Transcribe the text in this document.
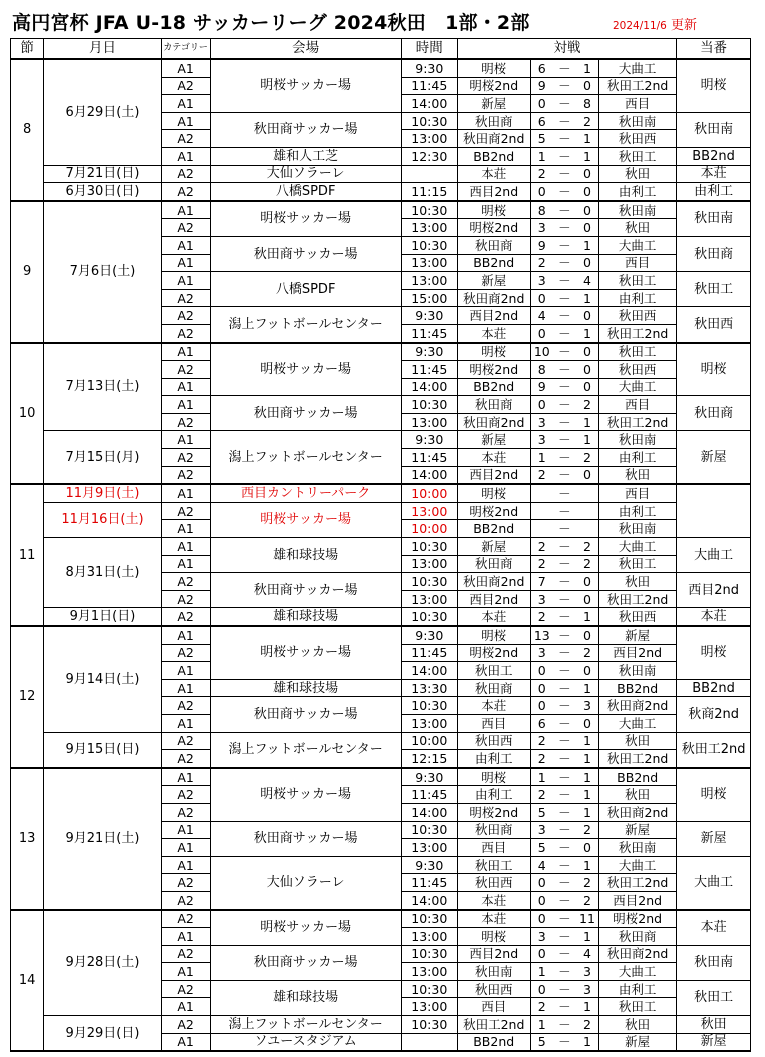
高円宮杯 JFA U-18 サッカーリーグ 2024秋田　1部・2部	2024/11/6 更新
節	月日	カテゴリー	会場	時間	対戦					当番
8	6月29日(土)	A1	明桜サッカー場	9:30	明桜	6	－	1	大曲工	明桜
		A2		11:45	明桜2nd	9	－	0	秋田工2nd	
		A1		14:00	新屋	0	－	8	西目	
		A1	秋田商サッカー場	10:30	秋田商	6	－	2	秋田南	秋田南
		A2		13:00	秋田商2nd	5	－	1	秋田西	
		A1	雄和人工芝	12:30	BB2nd	1	－	1	秋田工	BB2nd
	7月21日(日)	A2	大仙ソラーレ		本荘	2	－	0	秋田	本荘
	6月30日(日)	A2	八橋SPDF	11:15	西目2nd	0	－	0	由利工	由利工
9	7月6日(土)	A1	明桜サッカー場	10:30	明桜	8	－	0	秋田南	秋田南
		A2		13:00	明桜2nd	3	－	0	秋田	
		A1	秋田商サッカー場	10:30	秋田商	9	－	1	大曲工	秋田商
		A1		13:00	BB2nd	2	－	0	西目	
		A1	八橋SPDF	13:00	新屋	3	－	4	秋田工	秋田工
		A2		15:00	秋田商2nd	0	－	1	由利工	
		A2	潟上フットボールセンター	9:30	西目2nd	4	－	0	秋田西	秋田西
		A2		11:45	本荘	0	－	1	秋田工2nd	
10	7月13日(土)	A1	明桜サッカー場	9:30	明桜	10	－	0	秋田工	明桜
		A2		11:45	明桜2nd	8	－	0	秋田西	
		A1		14:00	BB2nd	9	－	0	大曲工	
		A1	秋田商サッカー場	10:30	秋田商	0	－	2	西目	秋田商
		A2		13:00	秋田商2nd	3	－	1	秋田工2nd	
	7月15日(月)	A1	潟上フットボールセンター	9:30	新屋	3	－	1	秋田南	新屋
		A2		11:45	本荘	1	－	2	由利工	
		A2		14:00	西目2nd	2	－	0	秋田	
11	11月9日(土)	A1	西目カントリーパーク	10:00	明桜		－		西目	
	11月16日(土)	A2	明桜サッカー場	13:00	明桜2nd		－		由利工	
		A1		10:00	BB2nd		－		秋田南	
	8月31日(土)	A1	雄和球技場	10:30	新屋	2	－	2	大曲工	大曲工
		A1		13:00	秋田商	2	－	2	秋田工	
		A2	秋田商サッカー場	10:30	秋田商2nd	7	－	0	秋田	西目2nd
		A2		13:00	西目2nd	3	－	0	秋田工2nd	
	9月1日(日)	A2	雄和球技場	10:30	本荘	2	－	1	秋田西	本荘
12	9月14日(土)	A1	明桜サッカー場	9:30	明桜	13	－	0	新屋	明桜
		A2		11:45	明桜2nd	3	－	2	西目2nd	
		A1		14:00	秋田工	0	－	0	秋田南	
		A1	雄和球技場	13:30	秋田商	0	－	1	BB2nd	BB2nd
		A2	秋田商サッカー場	10:30	本荘	0	－	3	秋田商2nd	秋商2nd
		A1		13:00	西目	6	－	0	大曲工	
	9月15日(日)	A2	潟上フットボールセンター	10:00	秋田西	2	－	1	秋田	秋田工2nd
		A2		12:15	由利工	2	－	1	秋田工2nd	
13	9月21日(土)	A1	明桜サッカー場	9:30	明桜	1	－	1	BB2nd	明桜
		A2		11:45	由利工	2	－	1	秋田	
		A2		14:00	明桜2nd	5	－	1	秋田商2nd	
		A1	秋田商サッカー場	10:30	秋田商	3	－	2	新屋	新屋
		A1		13:00	西目	5	－	0	秋田南	
		A1	大仙ソラーレ	9:30	秋田工	4	－	1	大曲工	大曲工
		A2		11:45	秋田西	0	－	2	秋田工2nd	
		A2		14:00	本荘	0	－	2	西目2nd	
14	9月28日(土)	A2	明桜サッカー場	10:30	本荘	0	－	11	明桜2nd	本荘
		A1		13:00	明桜	3	－	1	秋田商	
		A2	秋田商サッカー場	10:30	西目2nd	0	－	4	秋田商2nd	秋田南
		A1		13:00	秋田南	1	－	3	大曲工	
		A2	雄和球技場	10:30	秋田西	0	－	3	由利工	秋田工
		A1		13:00	西目	2	－	1	秋田工	
	9月29日(日)	A2	潟上フットボールセンター	10:30	秋田工2nd	1	－	2	秋田	秋田
		A1	ソユースタジアム		BB2nd	5	－	1	新屋	新屋
